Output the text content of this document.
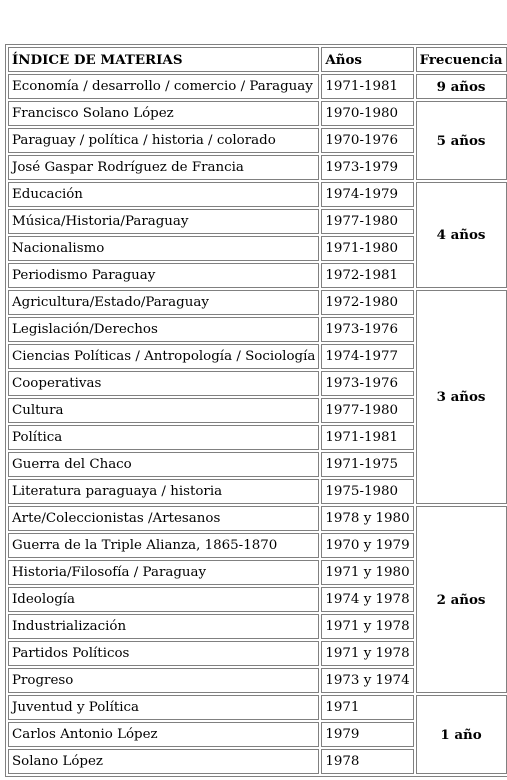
ÍNDICE DE MATERIAS	Años	Frecuencia
Economía / desarrollo / comercio / Paraguay	1971-1981	9 años
Francisco Solano López	1970-1980	5 años
Paraguay / política / historia / colorado	1970-1976	
José Gaspar Rodríguez de Francia	1973-1979	
Educación	1974-1979	4 años
Música/Historia/Paraguay	1977-1980	
Nacionalismo	1971-1980	
Periodismo Paraguay	1972-1981	
Agricultura/Estado/Paraguay	1972-1980	3 años
Legislación/Derechos	1973-1976	
Ciencias Políticas / Antropología / Sociología	1974-1977	
Cooperativas	1973-1976	
Cultura	1977-1980	
Política	1971-1981	
Guerra del Chaco	1971-1975	
Literatura paraguaya / historia	1975-1980	
Arte/Coleccionistas /Artesanos	1978 y 1980	2 años
Guerra de la Triple Alianza, 1865-1870	1970 y 1979	
Historia/Filosofía / Paraguay	1971 y 1980	
Ideología	1974 y 1978	
Industrialización	1971 y 1978	
Partidos Políticos	1971 y 1978	
Progreso	1973 y 1974	
Juventud y Política	1971	1 año
Carlos Antonio López	1979	
Solano López	1978	
